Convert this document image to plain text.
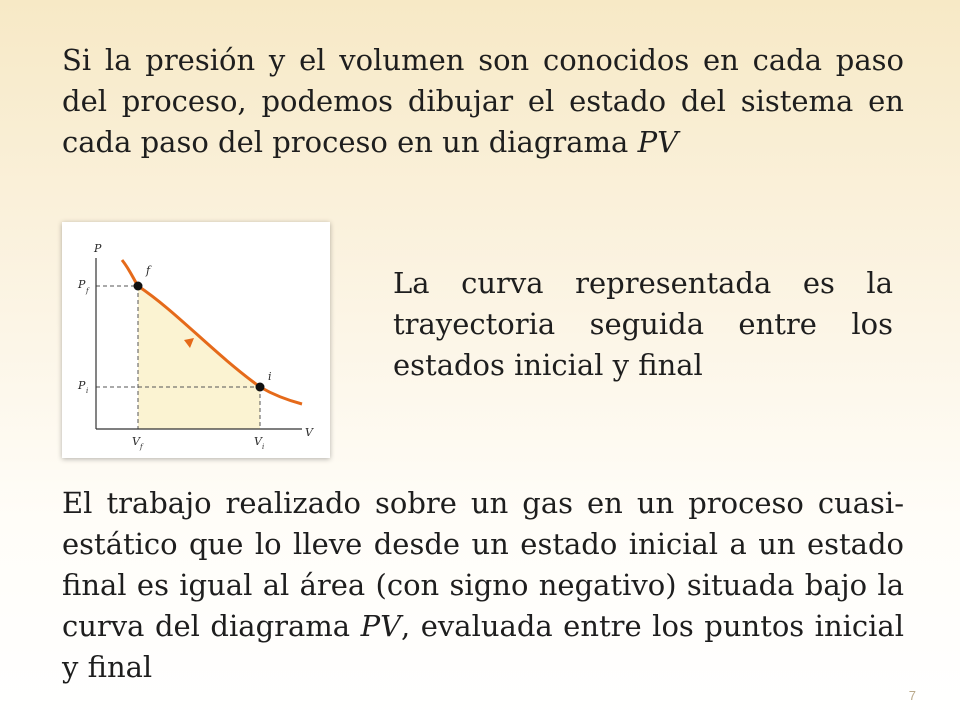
Si la presión y el volumen son conocidos en cada paso del proceso, podemos dibujar el estado del sistema en cada paso del proceso en un diagrama PV

P
V
P f
P i
V f	V i
f
i

La curva representada es la trayectoria seguida entre los estados inicial y final

El trabajo realizado sobre un gas en un proceso cuasi-estático que lo lleve desde un estado inicial a un estado final es igual al área (con signo negativo) situada bajo la curva del diagrama PV, evaluada entre los puntos inicial y final

7
